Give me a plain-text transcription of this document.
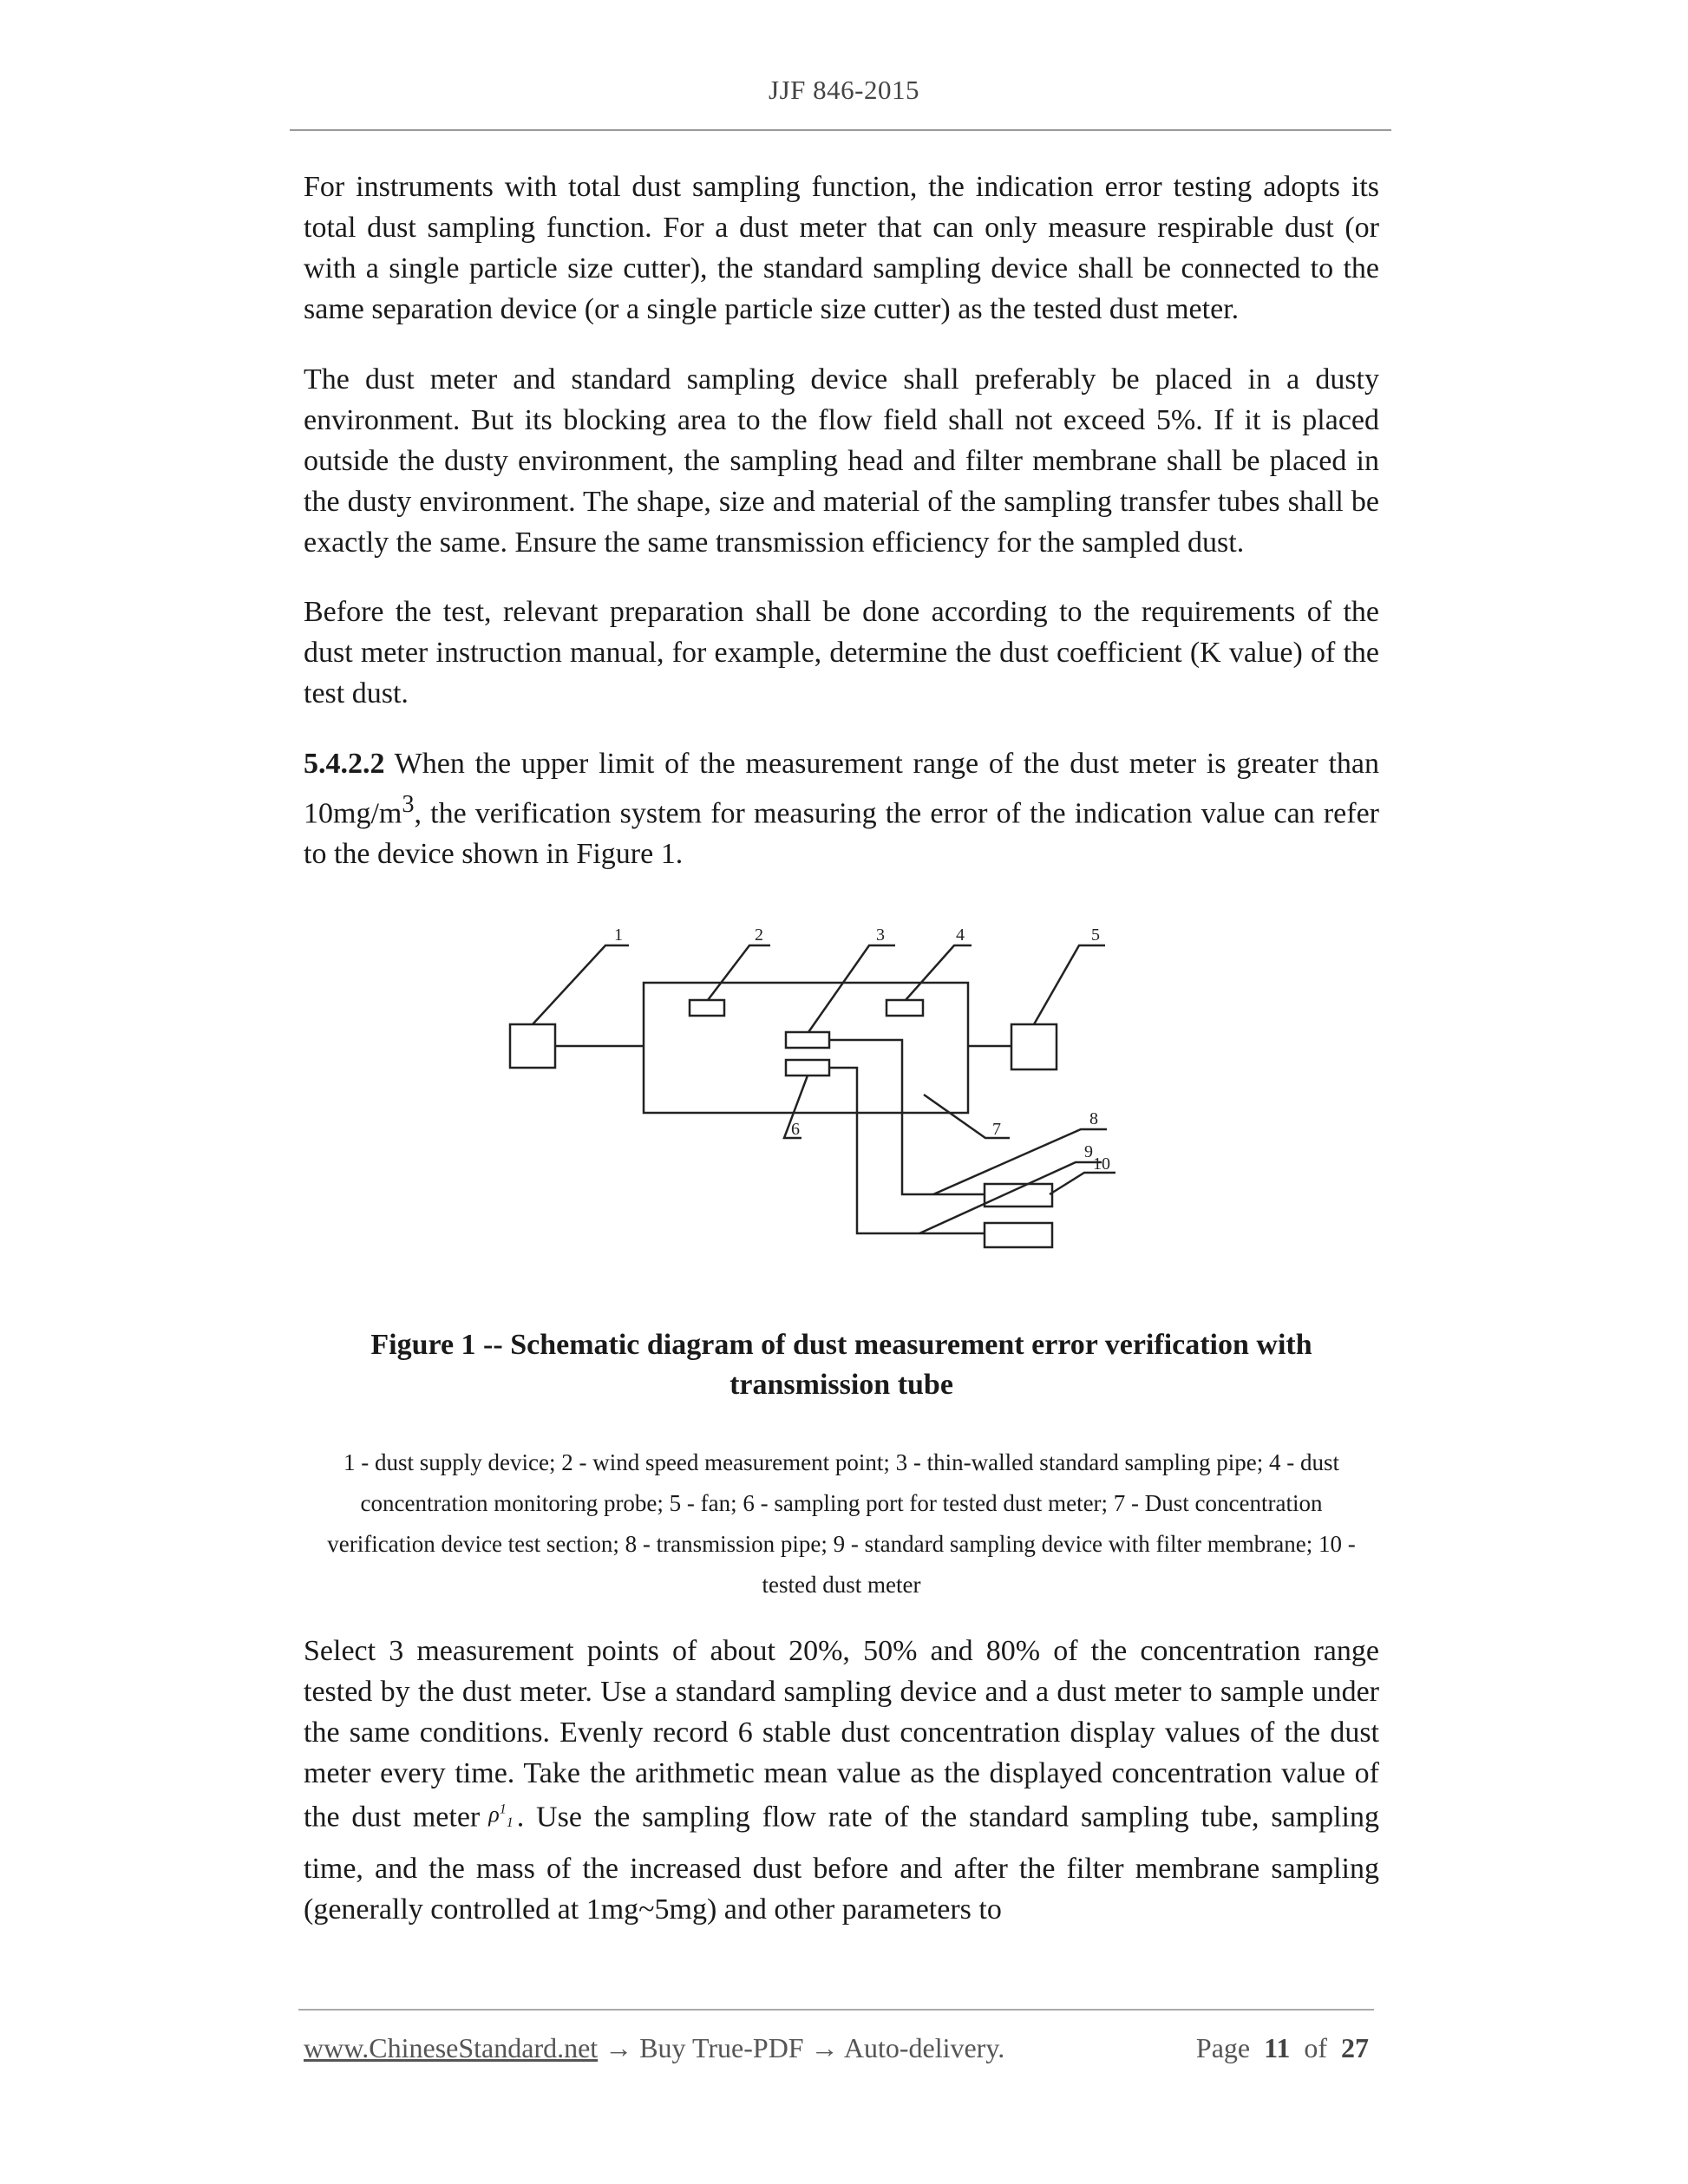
JJF 846-2015

For instruments with total dust sampling function, the indication error testing adopts its total dust sampling function. For a dust meter that can only measure respirable dust (or with a single particle size cutter), the standard sampling device shall be connected to the same separation device (or a single particle size cutter) as the tested dust meter.

The dust meter and standard sampling device shall preferably be placed in a dusty environment. But its blocking area to the flow field shall not exceed 5%. If it is placed outside the dusty environment, the sampling head and filter membrane shall be placed in the dusty environment. The shape, size and material of the sampling transfer tubes shall be exactly the same. Ensure the same transmission efficiency for the sampled dust.

Before the test, relevant preparation shall be done according to the requirements of the dust meter instruction manual, for example, determine the dust coefficient (K value) of the test dust.

5.4.2.2 When the upper limit of the measurement range of the dust meter is greater than $10mg/m^3$, the verification system for measuring the error of the indication value can refer to the device shown in Figure 1.

1	2	3	4	5
6	7
8
9
10

Figure 1 -- Schematic diagram of dust measurement error verification with transmission tube

1 - dust supply device; 2 - wind speed measurement point; 3 - thin-walled standard sampling pipe; 4 - dust concentration monitoring probe; 5 - fan; 6 - sampling port for tested dust meter; 7 - Dust concentration verification device test section; 8 - transmission pipe; 9 - standard sampling device with filter membrane; 10 - tested dust meter

Select 3 measurement points of about 20%, 50% and 80% of the concentration range tested by the dust meter. Use a standard sampling device and a dust meter to sample under the same conditions. Evenly record 6 stable dust concentration display values of the dust meter every time. Take the arithmetic mean value as the displayed concentration value of the dust meter $\rho^1_1$ . Use the sampling flow rate of the standard sampling tube, sampling time, and the mass of the increased dust before and after the filter membrane sampling (generally controlled at 1mg~5mg) and other parameters to

www.ChineseStandard.net → Buy True-PDF → Auto-delivery.	Page 11 of 27
